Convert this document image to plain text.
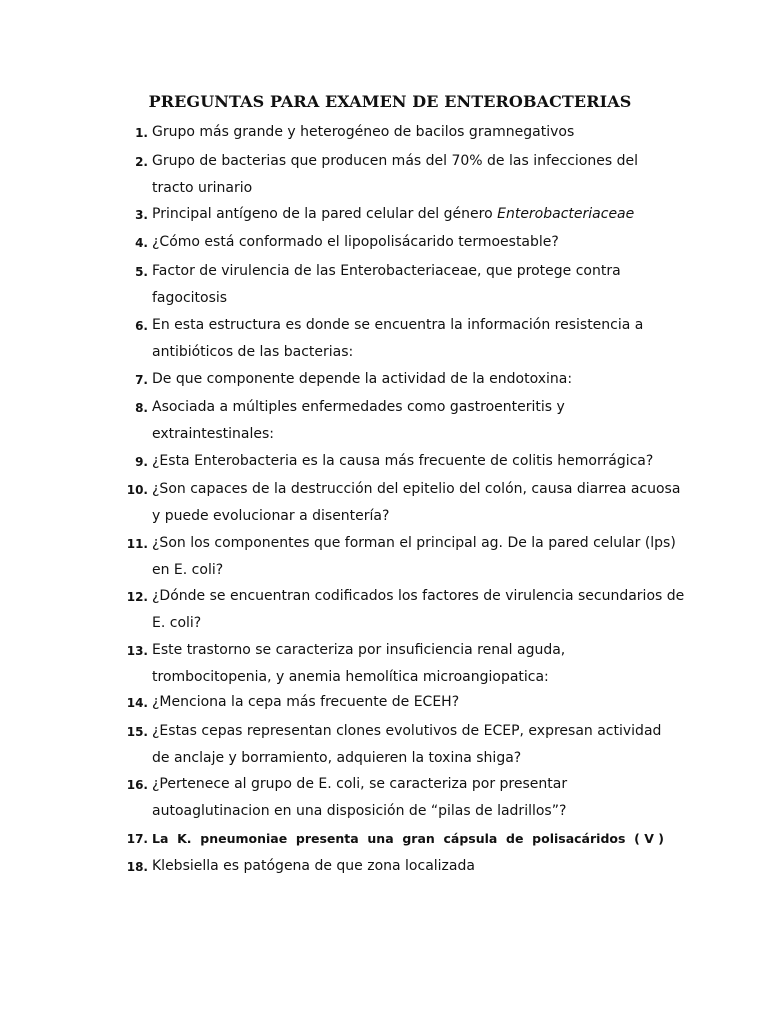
PREGUNTAS PARA EXAMEN DE ENTEROBACTERIAS
1. Grupo más grande y heterogéneo de bacilos gramnegativos
2. Grupo de bacterias que producen más del 70% de las infecciones del
tracto urinario
3. Principal antígeno de la pared celular del género Enterobacteriaceae
4. ¿Cómo está conformado el lipopolisácarido termoestable?
5. Factor de virulencia de las Enterobacteriaceae, que protege contra
fagocitosis
6. En esta estructura es donde se encuentra la información resistencia a
antibióticos de las bacterias:
7. De que componente depende la actividad de la endotoxina:
8. Asociada a múltiples enfermedades como gastroenteritis y
extraintestinales:
9. ¿Esta Enterobacteria es la causa más frecuente de colitis hemorrágica?
10. ¿Son capaces de la destrucción del epitelio del colón, causa diarrea acuosa
y puede evolucionar a disentería?
11. ¿Son los componentes que forman el principal ag. De la pared celular (lps)
en E. coli?
12. ¿Dónde se encuentran codificados los factores de virulencia secundarios de
E. coli?
13. Este trastorno se caracteriza por insuficiencia renal aguda,
trombocitopenia, y anemia hemolítica microangiopatica:
14. ¿Menciona la cepa más frecuente de ECEH?
15. ¿Estas cepas representan clones evolutivos de ECEP, expresan actividad
de anclaje y borramiento, adquieren la toxina shiga?
16. ¿Pertenece al grupo de E. coli, se caracteriza por presentar
autoaglutinacion en una disposición de “pilas de ladrillos”?
17. La  K.  pneumoniae  presenta  una  gran  cápsula  de  polisacáridos  ( V )
18. Klebsiella es patógena de que zona localizada
